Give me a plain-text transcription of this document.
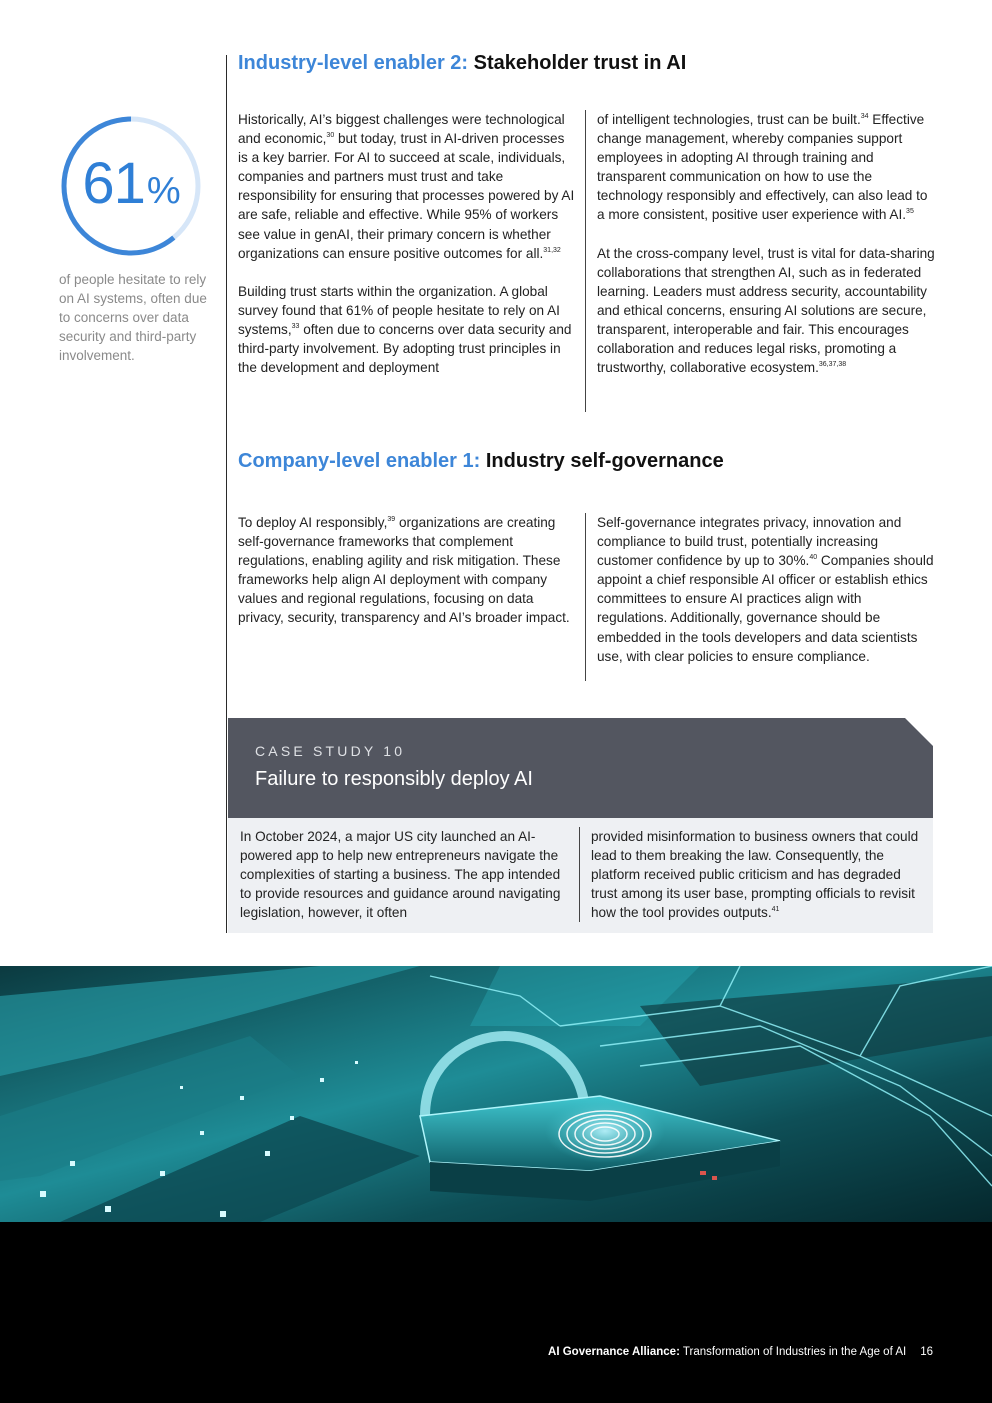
61%
of people hesitate to rely on AI systems, often due to concerns over data security and third-party involvement.
Industry-level enabler 2: Stakeholder trust in AI

Historically, AI’s biggest challenges were technological and economic,$^{30}$ but today, trust in AI-driven processes is a key barrier. For AI to succeed at scale, individuals, companies and partners must trust and take responsibility for ensuring that processes powered by AI are safe, reliable and effective. While 95% of workers see value in genAI, their primary concern is whether organizations can ensure positive outcomes for all.$^{31,32}$

Building trust starts within the organization. A global survey found that 61% of people hesitate to rely on AI systems,$^{33}$ often due to concerns over data security and third-party involvement. By adopting trust principles in the development and deployment

of intelligent technologies, trust can be built.$^{34}$ Effective change management, whereby companies support employees in adopting AI through training and transparent communication on how to use the technology responsibly and effectively, can also lead to a more consistent, positive user experience with AI.$^{35}$

At the cross-company level, trust is vital for data-sharing collaborations that strengthen AI, such as in federated learning. Leaders must address security, accountability and ethical concerns, ensuring AI solutions are secure, transparent, interoperable and fair. This encourages collaboration and reduces legal risks, promoting a trustworthy, collaborative ecosystem.$^{36,37,38}$

Company-level enabler 1: Industry self-governance

To deploy AI responsibly,$^{39}$ organizations are creating self-governance frameworks that complement regulations, enabling agility and risk mitigation. These frameworks help align AI deployment with company values and regional regulations, focusing on data privacy, security, transparency and AI’s broader impact.

Self-governance integrates privacy, innovation and compliance to build trust, potentially increasing customer confidence by up to 30%.$^{40}$ Companies should appoint a chief responsible AI officer or establish ethics committees to ensure AI practices align with regulations. Additionally, governance should be embedded in the tools developers and data scientists use, with clear policies to ensure compliance.

CASE STUDY 10
Failure to responsibly deploy AI
In October 2024, a major US city launched an AI-powered app to help new entrepreneurs navigate the complexities of starting a business. The app intended to provide resources and guidance around navigating legislation, however, it often
provided misinformation to business owners that could lead to them breaking the law. Consequently, the platform received public criticism and has degraded trust among its user base, prompting officials to revisit how the tool provides outputs.$^{41}$
AI Governance Alliance: Transformation of Industries in the Age of AI 16
